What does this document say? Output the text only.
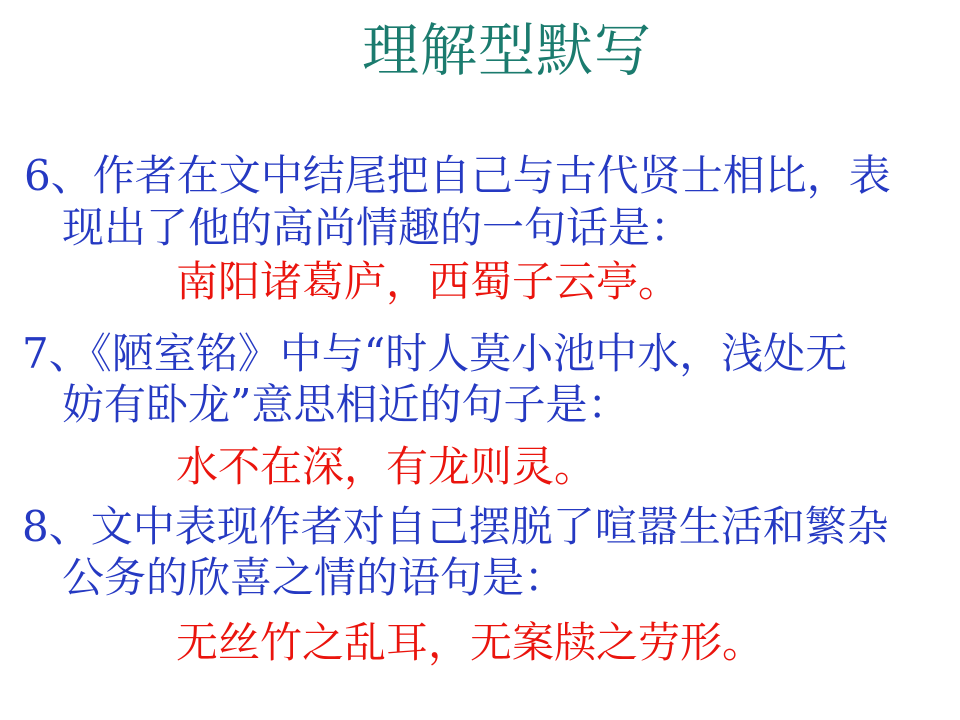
理解型默写
6、作者在文中结尾把自己与古代贤士相比，表
现出了他的高尚情趣的一句话是：
南阳诸葛庐，西蜀子云亭。
7、《陋室铭》中与“时人莫小池中水，浅处无
妨有卧龙”意思相近的句子是：
水不在深，有龙则灵。
8、文中表现作者对自己摆脱了喧嚣生活和繁杂
公务的欣喜之情的语句是：
无丝竹之乱耳，无案牍之劳形。
